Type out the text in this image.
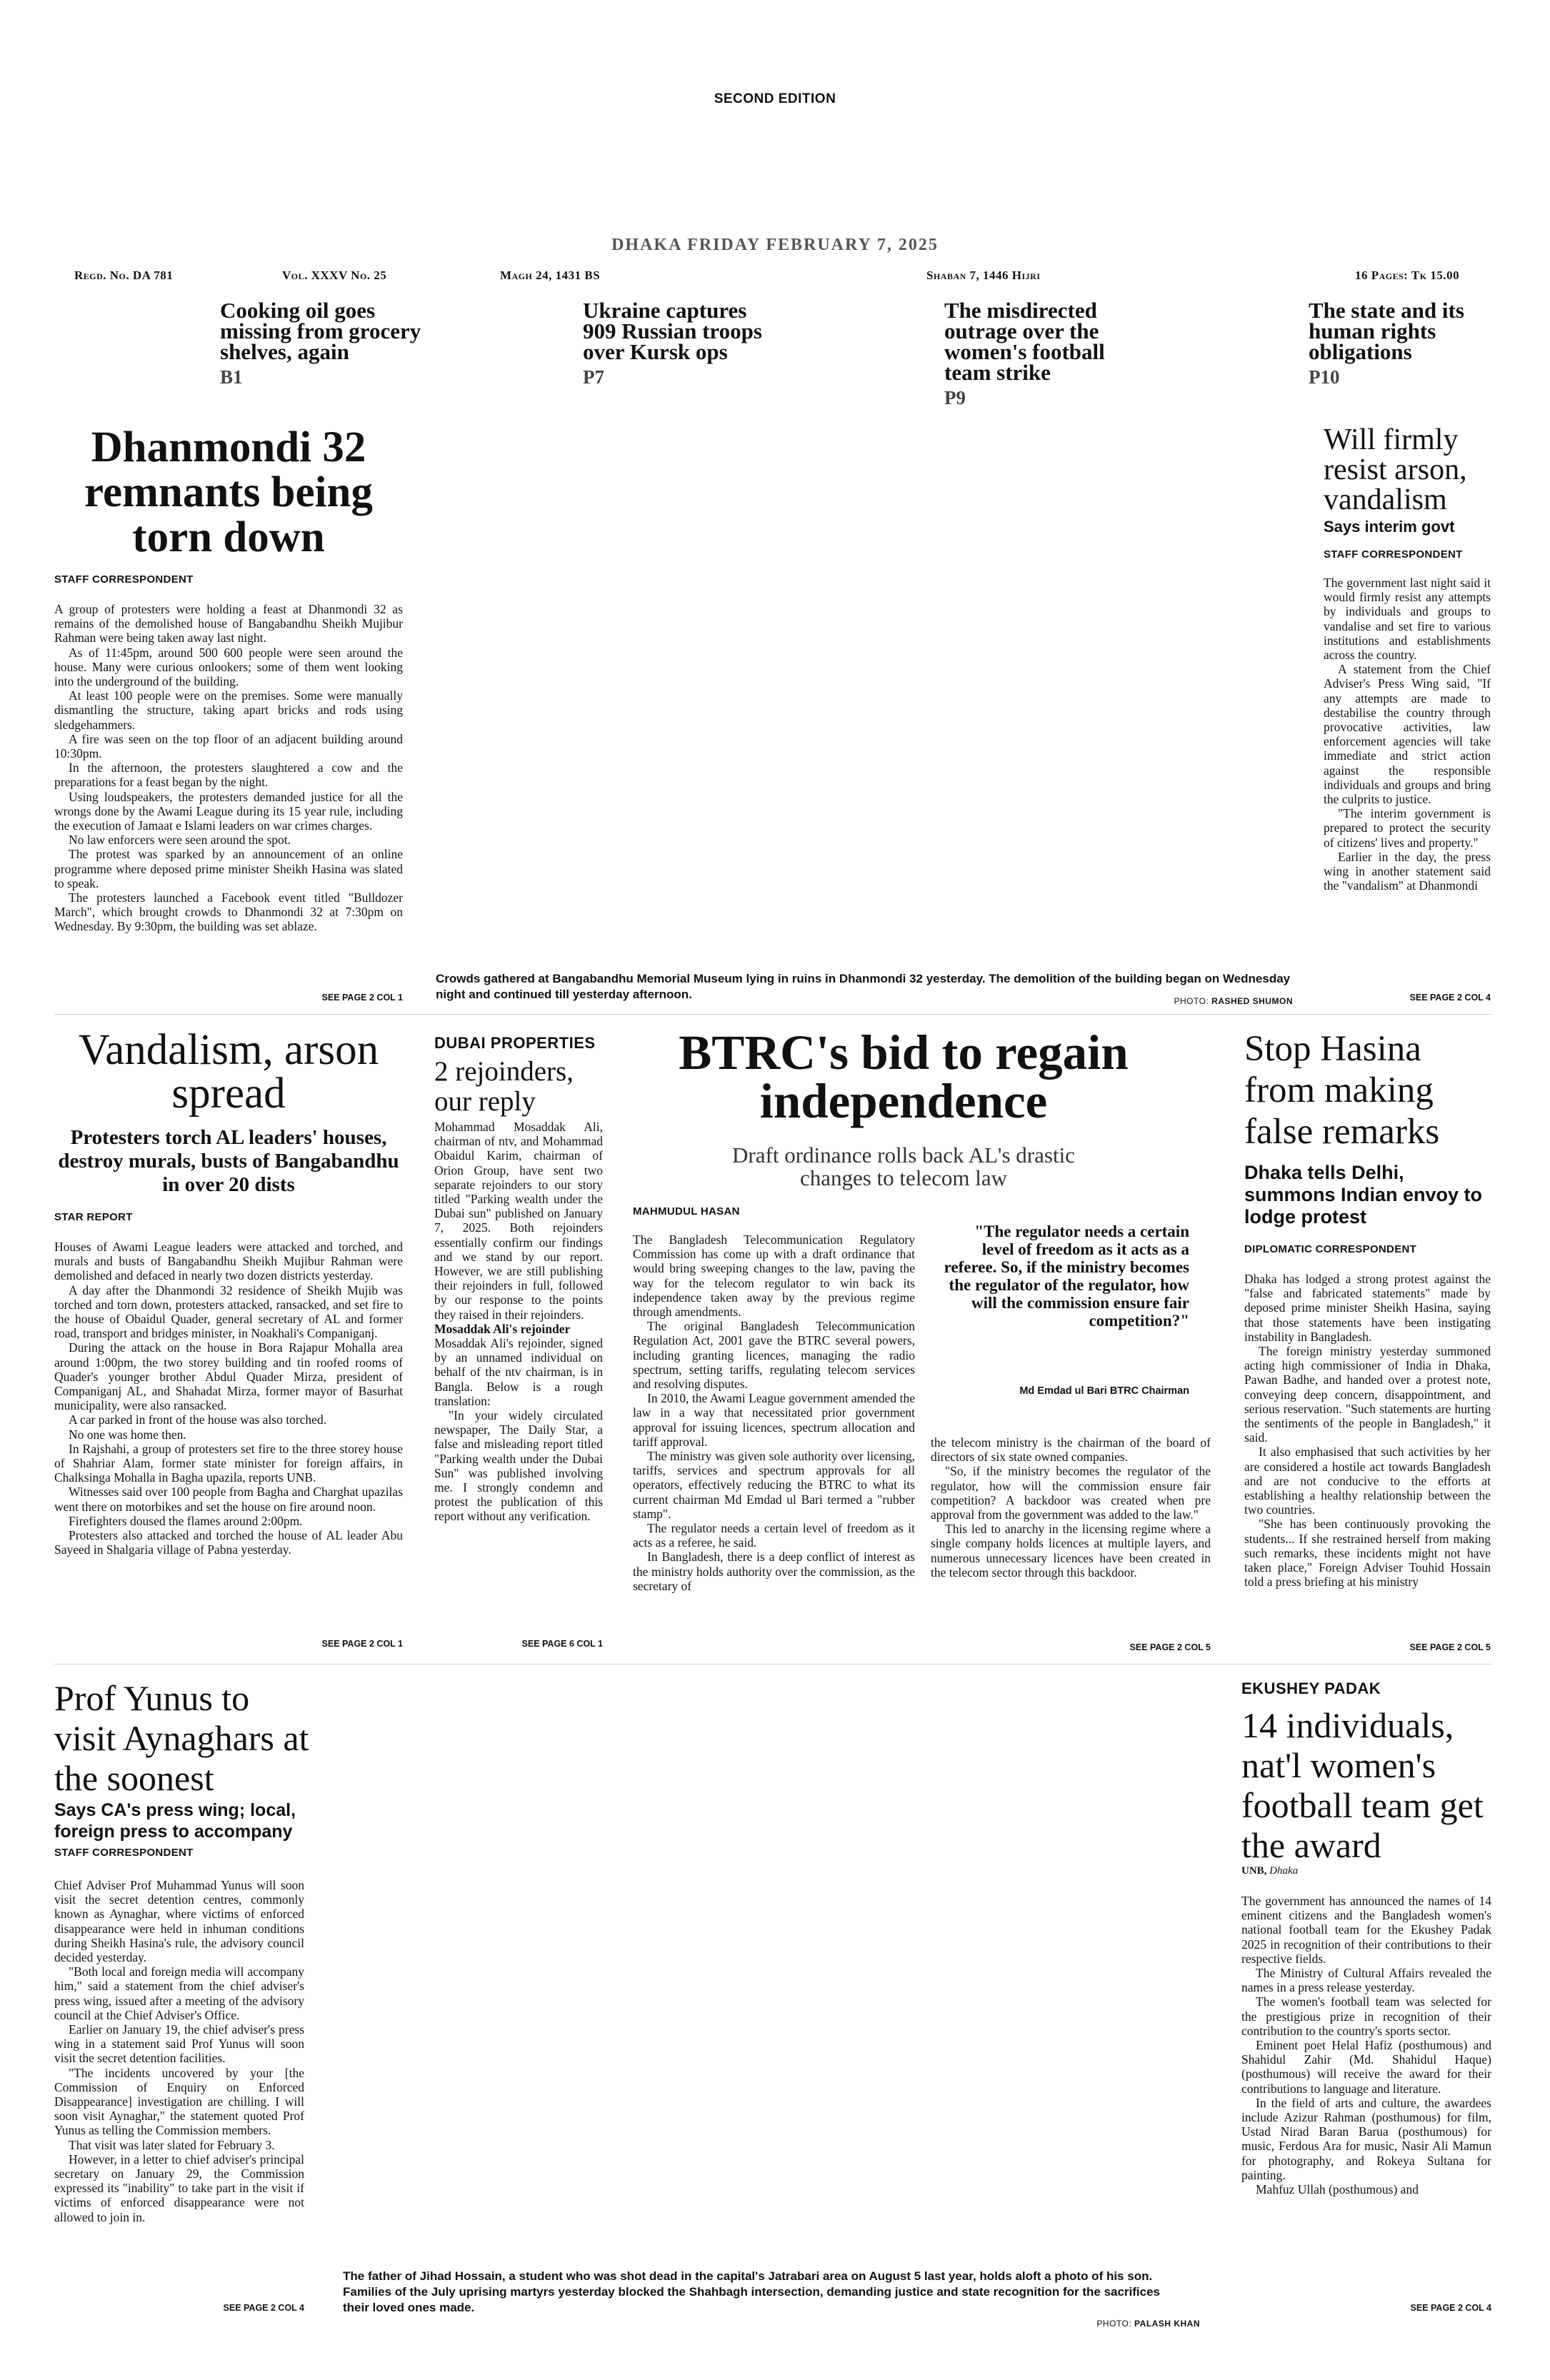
SECOND EDITION
DHAKA FRIDAY FEBRUARY 7, 2025
Regd. No. DA 781	Vol. XXXV No. 25	Magh 24, 1431 BS	Shaban 7, 1446 Hijri	16 Pages: Tk 15.00
Cooking oil goes missing from grocery shelves, again
B1
Ukraine captures 909 Russian troops over Kursk ops
P7
The misdirected outrage over the women's football team strike
P9
The state and its human rights obligations
P10
Dhanmondi 32 remnants being torn down
STAFF CORRESPONDENT

A group of protesters were holding a feast at Dhanmondi 32 as remains of the demolished house of Bangabandhu Sheikh Mujibur Rahman were being taken away last night.

As of 11:45pm, around 500 600 people were seen around the house. Many were curious onlookers; some of them went looking into the underground of the building.

At least 100 people were on the premises. Some were manually dismantling the structure, taking apart bricks and rods using sledgehammers.

A fire was seen on the top floor of an adjacent building around 10:30pm.

In the afternoon, the protesters slaughtered a cow and the preparations for a feast began by the night.

Using loudspeakers, the protesters demanded justice for all the wrongs done by the Awami League during its 15 year rule, including the execution of Jamaat e Islami leaders on war crimes charges.

No law enforcers were seen around the spot.

The protest was sparked by an announcement of an online programme where deposed prime minister Sheikh Hasina was slated to speak.

The protesters launched a Facebook event titled "Bulldozer March", which brought crowds to Dhanmondi 32 at 7:30pm on Wednesday. By 9:30pm, the building was set ablaze.

SEE PAGE 2 COL 1
Crowds gathered at Bangabandhu Memorial Museum lying in ruins in Dhanmondi 32 yesterday. The demolition of the building began on Wednesday night and continued till yesterday afternoon.	PHOTO: RASHED SHUMON
Will firmly resist arson, vandalism
Says interim govt
STAFF CORRESPONDENT

The government last night said it would firmly resist any attempts by individuals and groups to vandalise and set fire to various institutions and establishments across the country.

A statement from the Chief Adviser's Press Wing said, "If any attempts are made to destabilise the country through provocative activities, law enforcement agencies will take immediate and strict action against the responsible individuals and groups and bring the culprits to justice.

"The interim government is prepared to protect the security of citizens' lives and property."

Earlier in the day, the press wing in another statement said the "vandalism" at Dhanmondi

SEE PAGE 2 COL 4
Vandalism, arson spread
Protesters torch AL leaders' houses, destroy murals, busts of Bangabandhu in over 20 dists
STAR REPORT

Houses of Awami League leaders were attacked and torched, and murals and busts of Bangabandhu Sheikh Mujibur Rahman were demolished and defaced in nearly two dozen districts yesterday.

A day after the Dhanmondi 32 residence of Sheikh Mujib was torched and torn down, protesters attacked, ransacked, and set fire to the house of Obaidul Quader, general secretary of AL and former road, transport and bridges minister, in Noakhali's Companiganj.

During the attack on the house in Bora Rajapur Mohalla area around 1:00pm, the two storey building and tin roofed rooms of Quader's younger brother Abdul Quader Mirza, president of Companiganj AL, and Shahadat Mirza, former mayor of Basurhat municipality, were also ransacked.

A car parked in front of the house was also torched.

No one was home then.

In Rajshahi, a group of protesters set fire to the three storey house of Shahriar Alam, former state minister for foreign affairs, in Chalksinga Mohalla in Bagha upazila, reports UNB.

Witnesses said over 100 people from Bagha and Charghat upazilas went there on motorbikes and set the house on fire around noon.

Firefighters doused the flames around 2:00pm.

Protesters also attacked and torched the house of AL leader Abu Sayeed in Shalgaria village of Pabna yesterday.

SEE PAGE 2 COL 1
DUBAI PROPERTIES
2 rejoinders, our reply

Mohammad Mosaddak Ali, chairman of ntv, and Mohammad Obaidul Karim, chairman of Orion Group, have sent two separate rejoinders to our story titled "Parking wealth under the Dubai sun" published on January 7, 2025. Both rejoinders essentially confirm our findings and we stand by our report. However, we are still publishing their rejoinders in full, followed by our response to the points they raised in their rejoinders.

Mosaddak Ali's rejoinder

Mosaddak Ali's rejoinder, signed by an unnamed individual on behalf of the ntv chairman, is in Bangla. Below is a rough translation:

"In your widely circulated newspaper, The Daily Star, a false and misleading report titled "Parking wealth under the Dubai Sun" was published involving me. I strongly condemn and protest the publication of this report without any verification.

SEE PAGE 6 COL 1
BTRC's bid to regain independence
Draft ordinance rolls back AL's drastic changes to telecom law
MAHMUDUL HASAN

The Bangladesh Telecommunication Regulatory Commission has come up with a draft ordinance that would bring sweeping changes to the law, paving the way for the telecom regulator to win back its independence taken away by the previous regime through amendments.

The original Bangladesh Telecommunication Regulation Act, 2001 gave the BTRC several powers, including granting licences, managing the radio spectrum, setting tariffs, regulating telecom services and resolving disputes.

In 2010, the Awami League government amended the law in a way that necessitated prior government approval for issuing licences, spectrum allocation and tariff approval.

The ministry was given sole authority over licensing, tariffs, services and spectrum approvals for all operators, effectively reducing the BTRC to what its current chairman Md Emdad ul Bari termed a "rubber stamp".

The regulator needs a certain level of freedom as it acts as a referee, he said.

In Bangladesh, there is a deep conflict of interest as the ministry holds authority over the commission, as the secretary of

"The regulator needs a certain level of freedom as it acts as a referee. So, if the ministry becomes the regulator of the regulator, how will the commission ensure fair competition?"
Md Emdad ul Bari BTRC Chairman

the telecom ministry is the chairman of the board of directors of six state owned companies.

"So, if the ministry becomes the regulator of the regulator, how will the commission ensure fair competition? A backdoor was created when pre approval from the government was added to the law."

This led to anarchy in the licensing regime where a single company holds licences at multiple layers, and numerous unnecessary licences have been created in the telecom sector through this backdoor.

SEE PAGE 2 COL 5
Stop Hasina from making false remarks
Dhaka tells Delhi, summons Indian envoy to lodge protest
DIPLOMATIC CORRESPONDENT

Dhaka has lodged a strong protest against the "false and fabricated statements" made by deposed prime minister Sheikh Hasina, saying that those statements have been instigating instability in Bangladesh.

The foreign ministry yesterday summoned acting high commissioner of India in Dhaka, Pawan Badhe, and handed over a protest note, conveying deep concern, disappointment, and serious reservation. "Such statements are hurting the sentiments of the people in Bangladesh," it said.

It also emphasised that such activities by her are considered a hostile act towards Bangladesh and are not conducive to the efforts at establishing a healthy relationship between the two countries.

"She has been continuously provoking the students... If she restrained herself from making such remarks, these incidents might not have taken place," Foreign Adviser Touhid Hossain told a press briefing at his ministry

SEE PAGE 2 COL 5
Prof Yunus to visit Aynaghars at the soonest
Says CA's press wing; local, foreign press to accompany
STAFF CORRESPONDENT

Chief Adviser Prof Muhammad Yunus will soon visit the secret detention centres, commonly known as Aynaghar, where victims of enforced disappearance were held in inhuman conditions during Sheikh Hasina's rule, the advisory council decided yesterday.

"Both local and foreign media will accompany him," said a statement from the chief adviser's press wing, issued after a meeting of the advisory council at the Chief Adviser's Office.

Earlier on January 19, the chief adviser's press wing in a statement said Prof Yunus will soon visit the secret detention facilities.

"The incidents uncovered by your [the Commission of Enquiry on Enforced Disappearance] investigation are chilling. I will soon visit Aynaghar," the statement quoted Prof Yunus as telling the Commission members.

That visit was later slated for February 3.

However, in a letter to chief adviser's principal secretary on January 29, the Commission expressed its "inability" to take part in the visit if victims of enforced disappearance were not allowed to join in.

SEE PAGE 2 COL 4
The father of Jihad Hossain, a student who was shot dead in the capital's Jatrabari area on August 5 last year, holds aloft a photo of his son. Families of the July uprising martyrs yesterday blocked the Shahbagh intersection, demanding justice and state recognition for the sacrifices their loved ones made.
PHOTO: PALASH KHAN
EKUSHEY PADAK
14 individuals, nat'l women's football team get the award
UNB, Dhaka

The government has announced the names of 14 eminent citizens and the Bangladesh women's national football team for the Ekushey Padak 2025 in recognition of their contributions to their respective fields.

The Ministry of Cultural Affairs revealed the names in a press release yesterday.

The women's football team was selected for the prestigious prize in recognition of their contribution to the country's sports sector.

Eminent poet Helal Hafiz (posthumous) and Shahidul Zahir (Md. Shahidul Haque) (posthumous) will receive the award for their contributions to language and literature.

In the field of arts and culture, the awardees include Azizur Rahman (posthumous) for film, Ustad Nirad Baran Barua (posthumous) for music, Ferdous Ara for music, Nasir Ali Mamun for photography, and Rokeya Sultana for painting.

Mahfuz Ullah (posthumous) and

SEE PAGE 2 COL 4
